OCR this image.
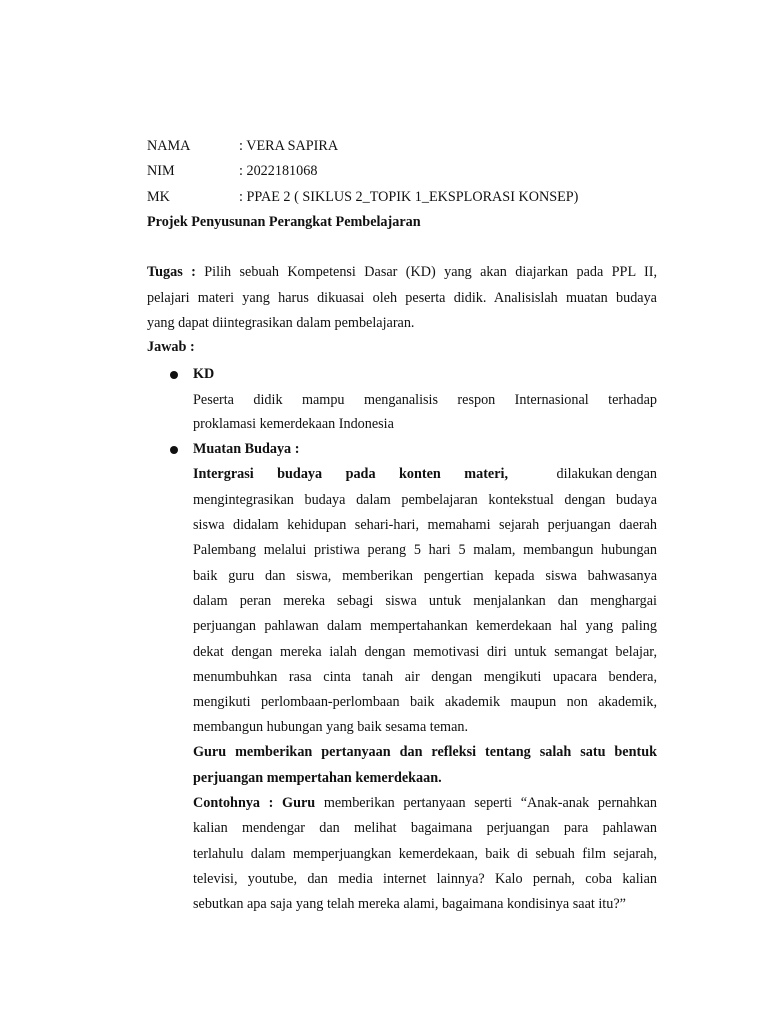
NAMA	: VERA SAPIRA
NIM	: 2022181068
MK	: PPAE 2 ( SIKLUS 2_TOPIK 1_EKSPLORASI KONSEP)
Projek Penyusunan Perangkat Pembelajaran
Tugas : Pilih sebuah Kompetensi Dasar (KD) yang akan diajarkan pada PPL II,
pelajari materi yang harus dikuasai oleh peserta didik. Analisislah muatan budaya
yang dapat diintegrasikan dalam pembelajaran.
Jawab :
KD
Peserta didik mampu menganalisis respon Internasional terhadap
proklamasi kemerdekaan Indonesia
Muatan Budaya :
Intergrasi budaya pada konten materi,	dilakukan dengan
mengintegrasikan budaya dalam pembelajaran kontekstual dengan budaya
siswa didalam kehidupan sehari-hari, memahami sejarah perjuangan daerah
Palembang melalui pristiwa perang 5 hari 5 malam, membangun hubungan
baik guru dan siswa, memberikan pengertian kepada siswa bahwasanya
dalam peran mereka sebagi siswa untuk menjalankan dan menghargai
perjuangan pahlawan dalam mempertahankan kemerdekaan hal yang paling
dekat dengan mereka ialah dengan memotivasi diri untuk semangat belajar,
menumbuhkan rasa cinta tanah air dengan mengikuti upacara bendera,
mengikuti perlombaan-perlombaan baik akademik maupun non akademik,
membangun hubungan yang baik sesama teman.
Guru memberikan pertanyaan dan refleksi tentang salah satu bentuk
perjuangan mempertahan kemerdekaan.
Contohnya : Guru memberikan pertanyaan seperti “Anak-anak pernahkan
kalian mendengar dan melihat bagaimana perjuangan para pahlawan
terlahulu dalam memperjuangkan kemerdekaan, baik di sebuah film sejarah,
televisi, youtube, dan media internet lainnya? Kalo pernah, coba kalian
sebutkan apa saja yang telah mereka alami, bagaimana kondisinya saat itu?”
